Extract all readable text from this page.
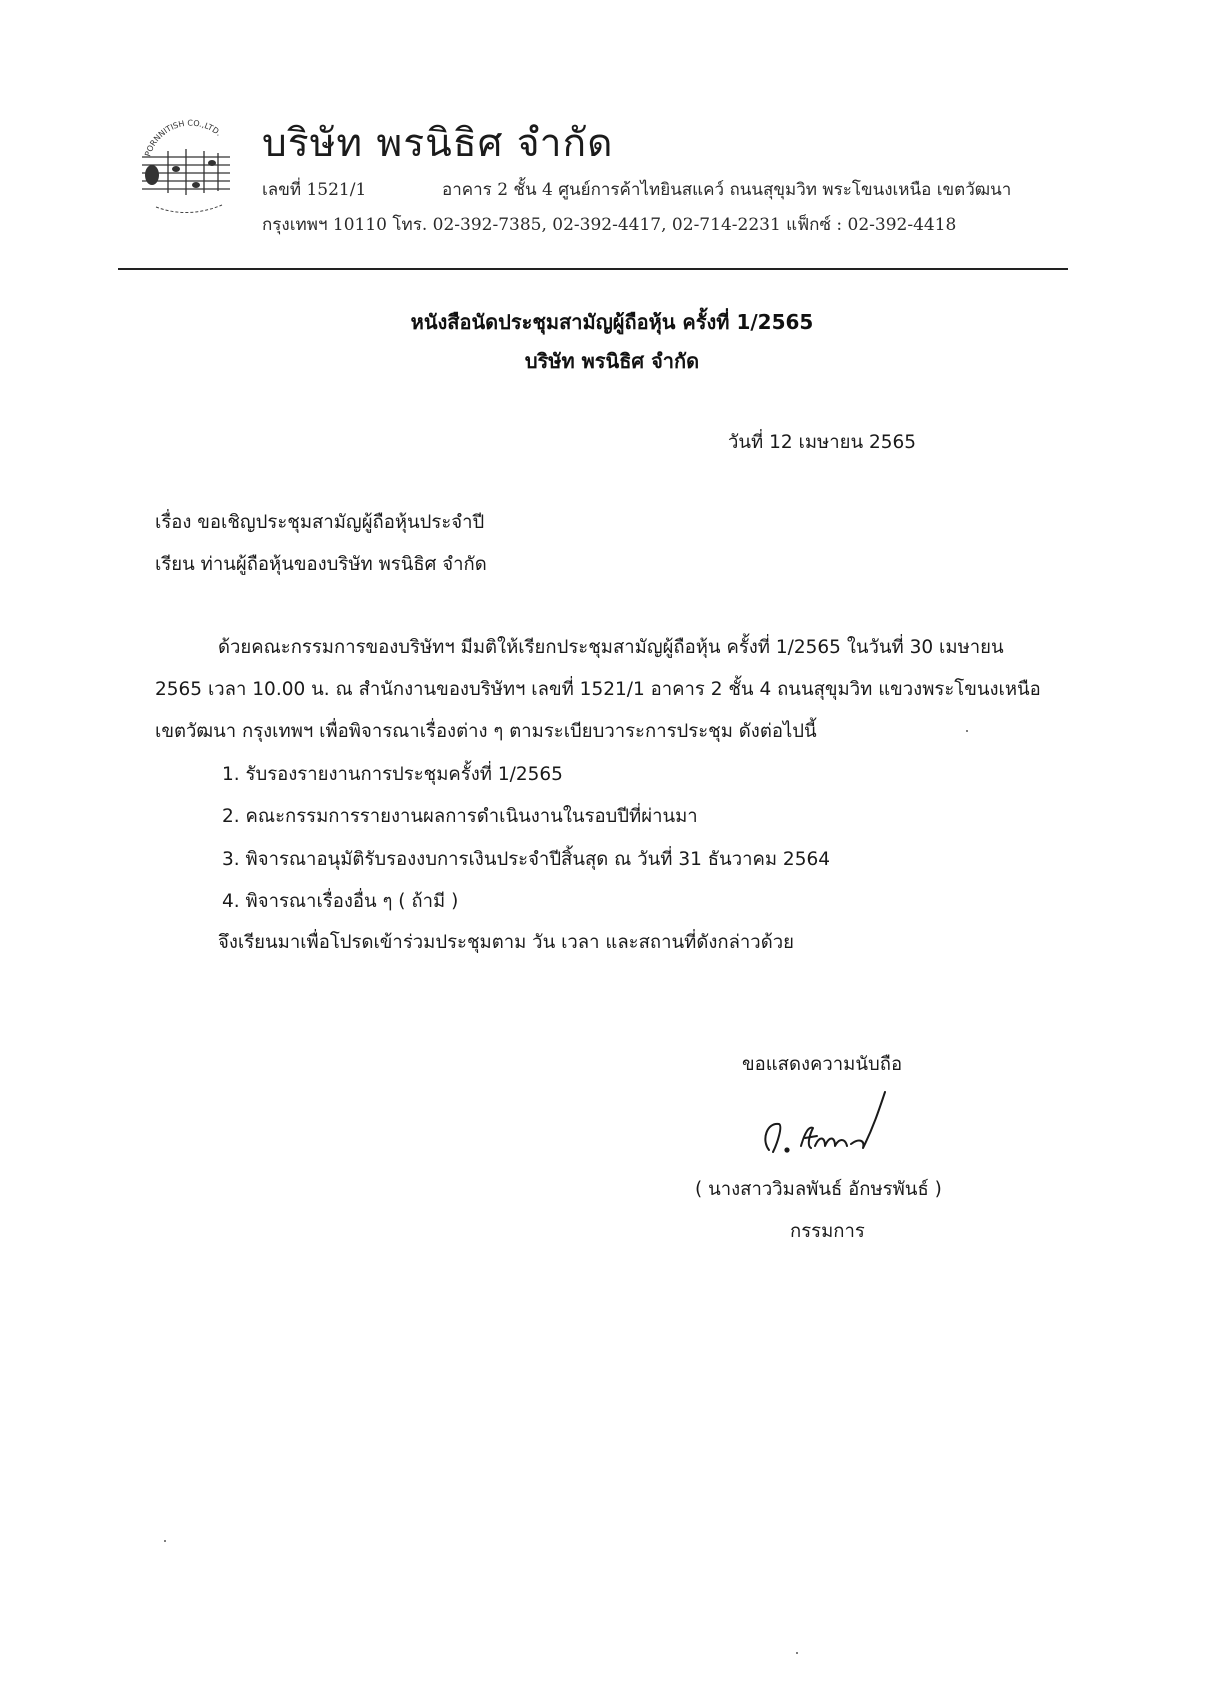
PORNNITISH CO.,LTD. บริษัท พรนิธิศ จำกัด
เลขที่ 1521/1	อาคาร 2 ชั้น 4 ศูนย์การค้าไทยินสแคว์ ถนนสุขุมวิท พระโขนงเหนือ เขตวัฒนา
กรุงเทพฯ 10110 โทร. 02-392-7385, 02-392-4417, 02-714-2231 แฟ็กซ์ : 02-392-4418
หนังสือนัดประชุมสามัญผู้ถือหุ้น ครั้งที่ 1/2565
บริษัท พรนิธิศ จำกัด
วันที่ 12 เมษายน 2565
เรื่อง ขอเชิญประชุมสามัญผู้ถือหุ้นประจำปี
เรียน ท่านผู้ถือหุ้นของบริษัท พรนิธิศ จำกัด
ด้วยคณะกรรมการของบริษัทฯ มีมติให้เรียกประชุมสามัญผู้ถือหุ้น ครั้งที่ 1/2565 ในวันที่ 30 เมษายน
2565 เวลา 10.00 น. ณ สำนักงานของบริษัทฯ เลขที่ 1521/1 อาคาร 2 ชั้น 4 ถนนสุขุมวิท แขวงพระโขนงเหนือ
เขตวัฒนา กรุงเทพฯ เพื่อพิจารณาเรื่องต่าง ๆ ตามระเบียบวาระการประชุม ดังต่อไปนี้
1. รับรองรายงานการประชุมครั้งที่ 1/2565
2. คณะกรรมการรายงานผลการดำเนินงานในรอบปีที่ผ่านมา
3. พิจารณาอนุมัติรับรองงบการเงินประจำปีสิ้นสุด ณ วันที่ 31 ธันวาคม 2564
4. พิจารณาเรื่องอื่น ๆ ( ถ้ามี )
จึงเรียนมาเพื่อโปรดเข้าร่วมประชุมตาม วัน เวลา และสถานที่ดังกล่าวด้วย
ขอแสดงความนับถือ
( นางสาววิมลพันธ์ อักษรพันธ์ )
กรรมการ
